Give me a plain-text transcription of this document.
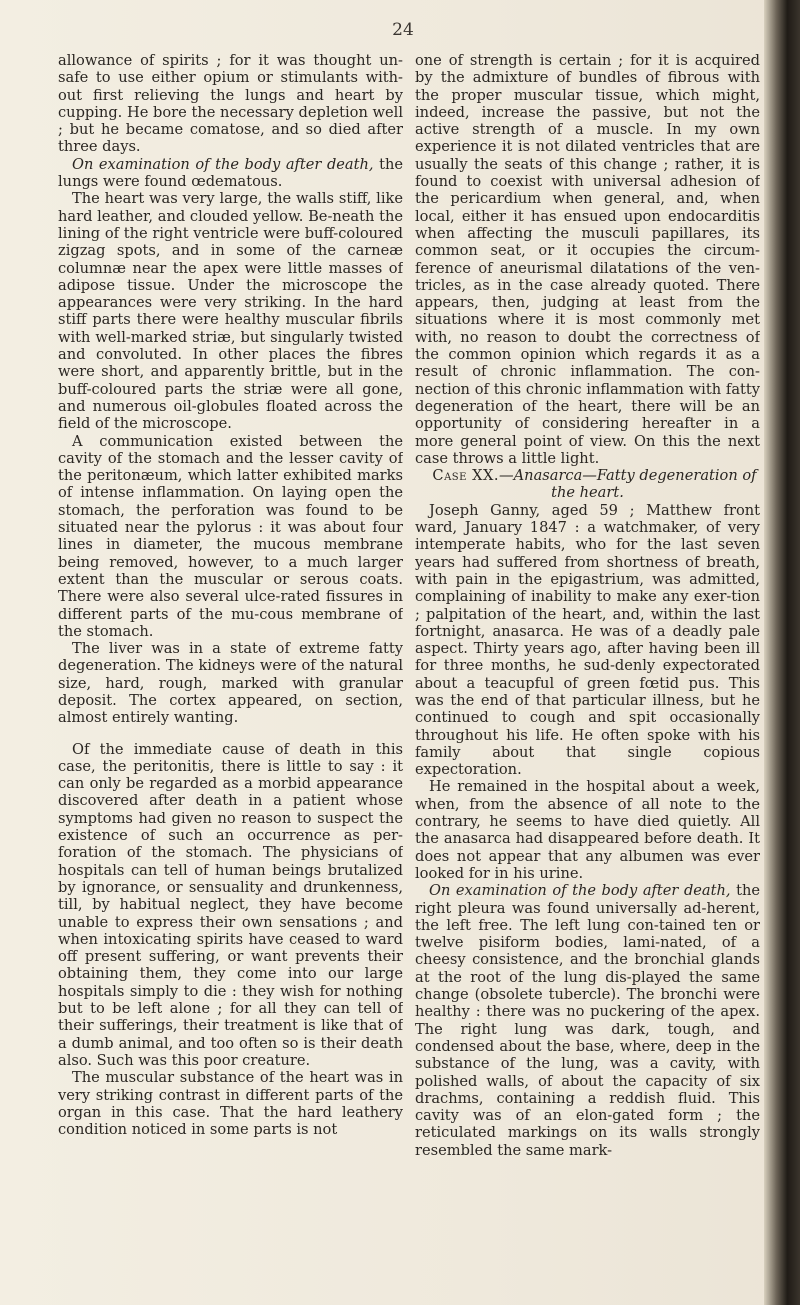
24

allowance of spirits ; for it was thought un-safe to use either opium or stimulants with-out first relieving the lungs and heart by cupping. He bore the necessary depletion well ; but he became comatose, and so died after three days.

On examination of the body after death, the lungs were found œdematous.

The heart was very large, the walls stiff, like hard leather, and clouded yellow. Be-neath the lining of the right ventricle were buff-coloured zigzag spots, and in some of the carneæ columnæ near the apex were little masses of adipose tissue. Under the microscope the appearances were very striking. In the hard stiff parts there were healthy muscular fibrils with well-marked striæ, but singularly twisted and convoluted. In other places the fibres were short, and apparently brittle, but in the buff-coloured parts the striæ were all gone, and numerous oil-globules floated across the field of the microscope.

A communication existed between the cavity of the stomach and the lesser cavity of the peritonæum, which latter exhibited marks of intense inflammation. On laying open the stomach, the perforation was found to be situated near the pylorus : it was about four lines in diameter, the mucous membrane being removed, however, to a much larger extent than the muscular or serous coats. There were also several ulce-rated fissures in different parts of the mu-cous membrane of the stomach.

The liver was in a state of extreme fatty degeneration. The kidneys were of the natural size, hard, rough, marked with granular deposit. The cortex appeared, on section, almost entirely wanting.

Of the immediate cause of death in this case, the peritonitis, there is little to say : it can only be regarded as a morbid appearance discovered after death in a patient whose symptoms had given no reason to suspect the existence of such an occurrence as per-foration of the stomach. The physicians of hospitals can tell of human beings brutalized by ignorance, or sensuality and drunkenness, till, by habitual neglect, they have become unable to express their own sensations ; and when intoxicating spirits have ceased to ward off present suffering, or want prevents their obtaining them, they come into our large hospitals simply to die : they wish for nothing but to be left alone ; for all they can tell of their sufferings, their treatment is like that of a dumb animal, and too often so is their death also. Such was this poor creature.

The muscular substance of the heart was in very striking contrast in different parts of the organ in this case. That the hard leathery condition noticed in some parts is not

one of strength is certain ; for it is acquired by the admixture of bundles of fibrous with the proper muscular tissue, which might, indeed, increase the passive, but not the active strength of a muscle. In my own experience it is not dilated ventricles that are usually the seats of this change ; rather, it is found to coexist with universal adhesion of the pericardium when general, and, when local, either it has ensued upon endocarditis when affecting the musculi papillares, its common seat, or it occupies the circum-ference of aneurismal dilatations of the ven-tricles, as in the case already quoted. There appears, then, judging at least from the situations where it is most commonly met with, no reason to doubt the correctness of the common opinion which regards it as a result of chronic inflammation. The con-nection of this chronic inflammation with fatty degeneration of the heart, there will be an opportunity of considering hereafter in a more general point of view. On this the next case throws a little light.

Case XX.—Anasarca—Fatty degeneration of the heart.

Joseph Ganny, aged 59 ; Matthew front ward, January 1847 : a watchmaker, of very intemperate habits, who for the last seven years had suffered from shortness of breath, with pain in the epigastrium, was admitted, complaining of inability to make any exer-tion ; palpitation of the heart, and, within the last fortnight, anasarca. He was of a deadly pale aspect. Thirty years ago, after having been ill for three months, he sud-denly expectorated about a teacupful of green fœtid pus. This was the end of that particular illness, but he continued to cough and spit occasionally throughout his life. He often spoke with his family about that single copious expectoration.

He remained in the hospital about a week, when, from the absence of all note to the contrary, he seems to have died quietly. All the anasarca had disappeared before death. It does not appear that any albumen was ever looked for in his urine.

On examination of the body after death, the right pleura was found universally ad-herent, the left free. The left lung con-tained ten or twelve pisiform bodies, lami-nated, of a cheesy consistence, and the bronchial glands at the root of the lung dis-played the same change (obsolete tubercle). The bronchi were healthy : there was no puckering of the apex. The right lung was dark, tough, and condensed about the base, where, deep in the substance of the lung, was a cavity, with polished walls, of about the capacity of six drachms, containing a reddish fluid. This cavity was of an elon-gated form ; the reticulated markings on its walls strongly resembled the same mark-
